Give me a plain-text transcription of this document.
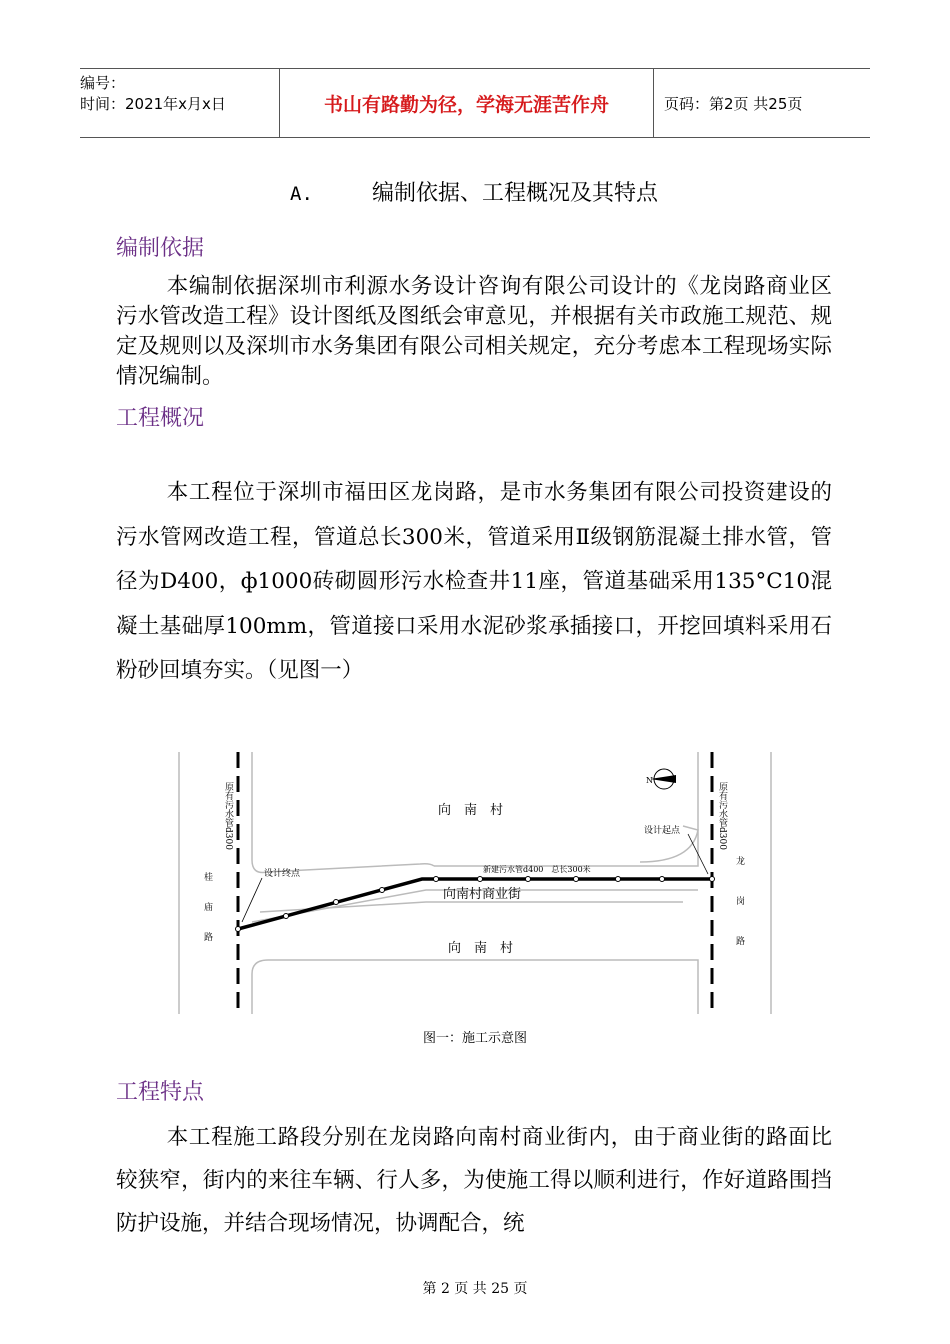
编号：
时间：2021年x月x日	书山有路勤为径，学海无涯苦作舟	页码：第2页 共25页
A.	编制依据、工程概况及其特点
编制依据

本编制依据深圳市利源水务设计咨询有限公司设计的《龙岗路商业区污水管改造工程》设计图纸及图纸会审意见，并根据有关市政施工规范、规定及规则以及深圳市水务集团有限公司相关规定，充分考虑本工程现场实际情况编制。

工程概况

本工程位于深圳市福田区龙岗路，是市水务集团有限公司投资建设的污水管网改造工程，管道总长300米，管道采用Ⅱ级钢筋混凝土排水管，管径为D400，ф1000砖砌圆形污水检查井11座，管道基础采用135°C10混凝土基础厚100mm，管道接口采用水泥砂浆承插接口，开挖回填料采用石粉砂回填夯实。（见图一）

N
原有污水管d300	原有污水管d300
向　南　村
向南村商业街
向　南　村
新建污水管d400　总长300米
设计起点
设计终点
桂
庙
路
龙
岗
路
图一：施工示意图
工程特点

本工程施工路段分别在龙岗路向南村商业街内，由于商业街的路面比较狭窄，街内的来往车辆、行人多，为使施工得以顺利进行，作好道路围挡防护设施，并结合现场情况，协调配合，统

第 2 页 共 25 页
